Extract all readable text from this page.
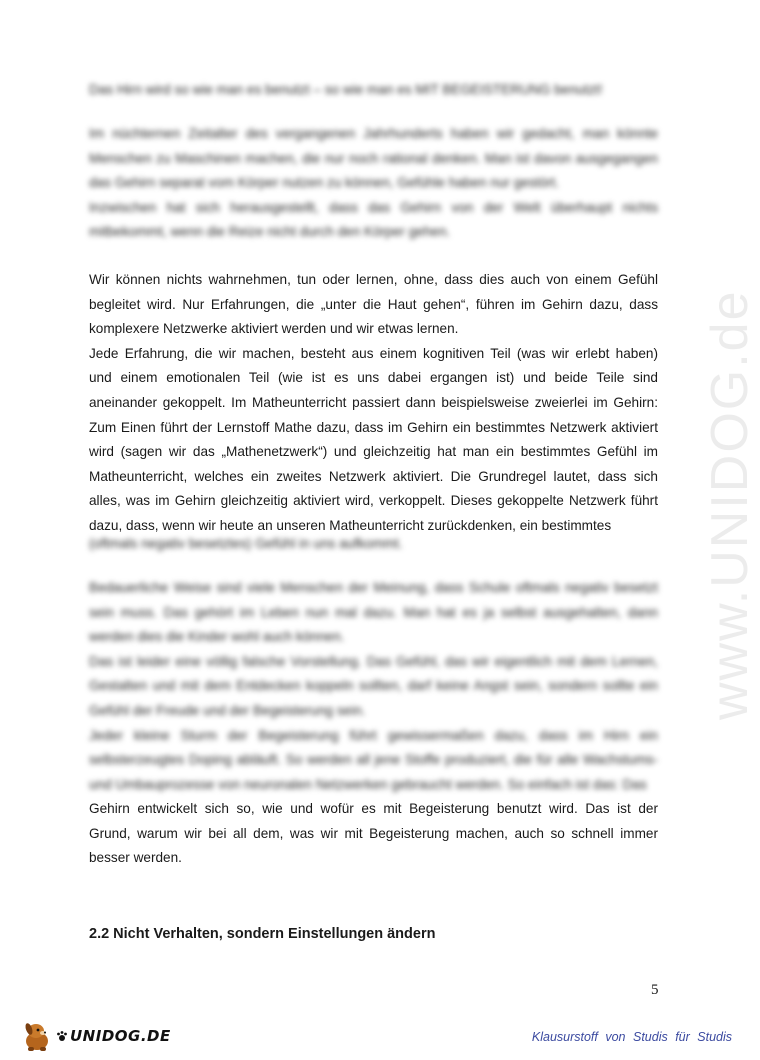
www.UNIDOG.de

Das Hirn wird so wie man es benutzt – so wie man es MIT BEGEISTERUNG benutzt!

Im nüchternen Zeitalter des vergangenen Jahrhunderts haben wir gedacht, man könnte
Menschen zu Maschinen machen, die nur noch rational denken. Man ist davon ausgegangen
das Gehirn separat vom Körper nutzen zu können, Gefühle haben nur gestört.
Inzwischen hat sich herausgestellt, dass das Gehirn von der Welt überhaupt nichts
mitbekommt, wenn die Reize nicht durch den Körper gehen.

Wir können nichts wahrnehmen, tun oder lernen, ohne, dass dies auch von einem Gefühl
begleitet wird. Nur Erfahrungen, die „unter die Haut gehen“, führen im Gehirn dazu, dass
komplexere Netzwerke aktiviert werden und wir etwas lernen.
Jede Erfahrung, die wir machen, besteht aus einem kognitiven Teil (was wir erlebt haben)
und einem emotionalen Teil (wie ist es uns dabei ergangen ist) und beide Teile sind
aneinander gekoppelt. Im Matheunterricht passiert dann beispielsweise zweierlei im Gehirn:
Zum Einen führt der Lernstoff Mathe dazu, dass im Gehirn ein bestimmtes Netzwerk aktiviert
wird (sagen wir das „Mathenetzwerk“) und gleichzeitig hat man ein bestimmtes Gefühl im
Matheunterricht, welches ein zweites Netzwerk aktiviert. Die Grundregel lautet, dass sich
alles, was im Gehirn gleichzeitig aktiviert wird, verkoppelt. Dieses gekoppelte Netzwerk führt
dazu, dass, wenn wir heute an unseren Matheunterricht zurückdenken, ein bestimmtes

(oftmals negativ besetztes) Gefühl in uns aufkommt.

Bedauerliche Weise sind viele Menschen der Meinung, dass Schule oftmals negativ besetzt
sein muss. Das gehört im Leben nun mal dazu. Man hat es ja selbst ausgehalten, dann
werden dies die Kinder wohl auch können.
Das ist leider eine völlig falsche Vorstellung. Das Gefühl, das wir eigentlich mit dem Lernen,
Gestalten und mit dem Entdecken koppeln sollten, darf keine Angst sein, sondern sollte ein
Gefühl der Freude und der Begeisterung sein.
Jeder kleine Sturm der Begeisterung führt gewissermaßen dazu, dass im Hirn ein
selbsterzeugtes Doping abläuft. So werden all jene Stoffe produziert, die für alle Wachstums-
und Umbauprozesse von neuronalen Netzwerken gebraucht werden. So einfach ist das: Das

Gehirn entwickelt sich so, wie und wofür es mit Begeisterung benutzt wird. Das ist der
Grund, warum wir bei all dem, was wir mit Begeisterung machen, auch so schnell immer
besser werden.

2.2 Nicht Verhalten, sondern Einstellungen ändern
5
UNIDOG.DE	Klausurstoff von Studis für Studis
